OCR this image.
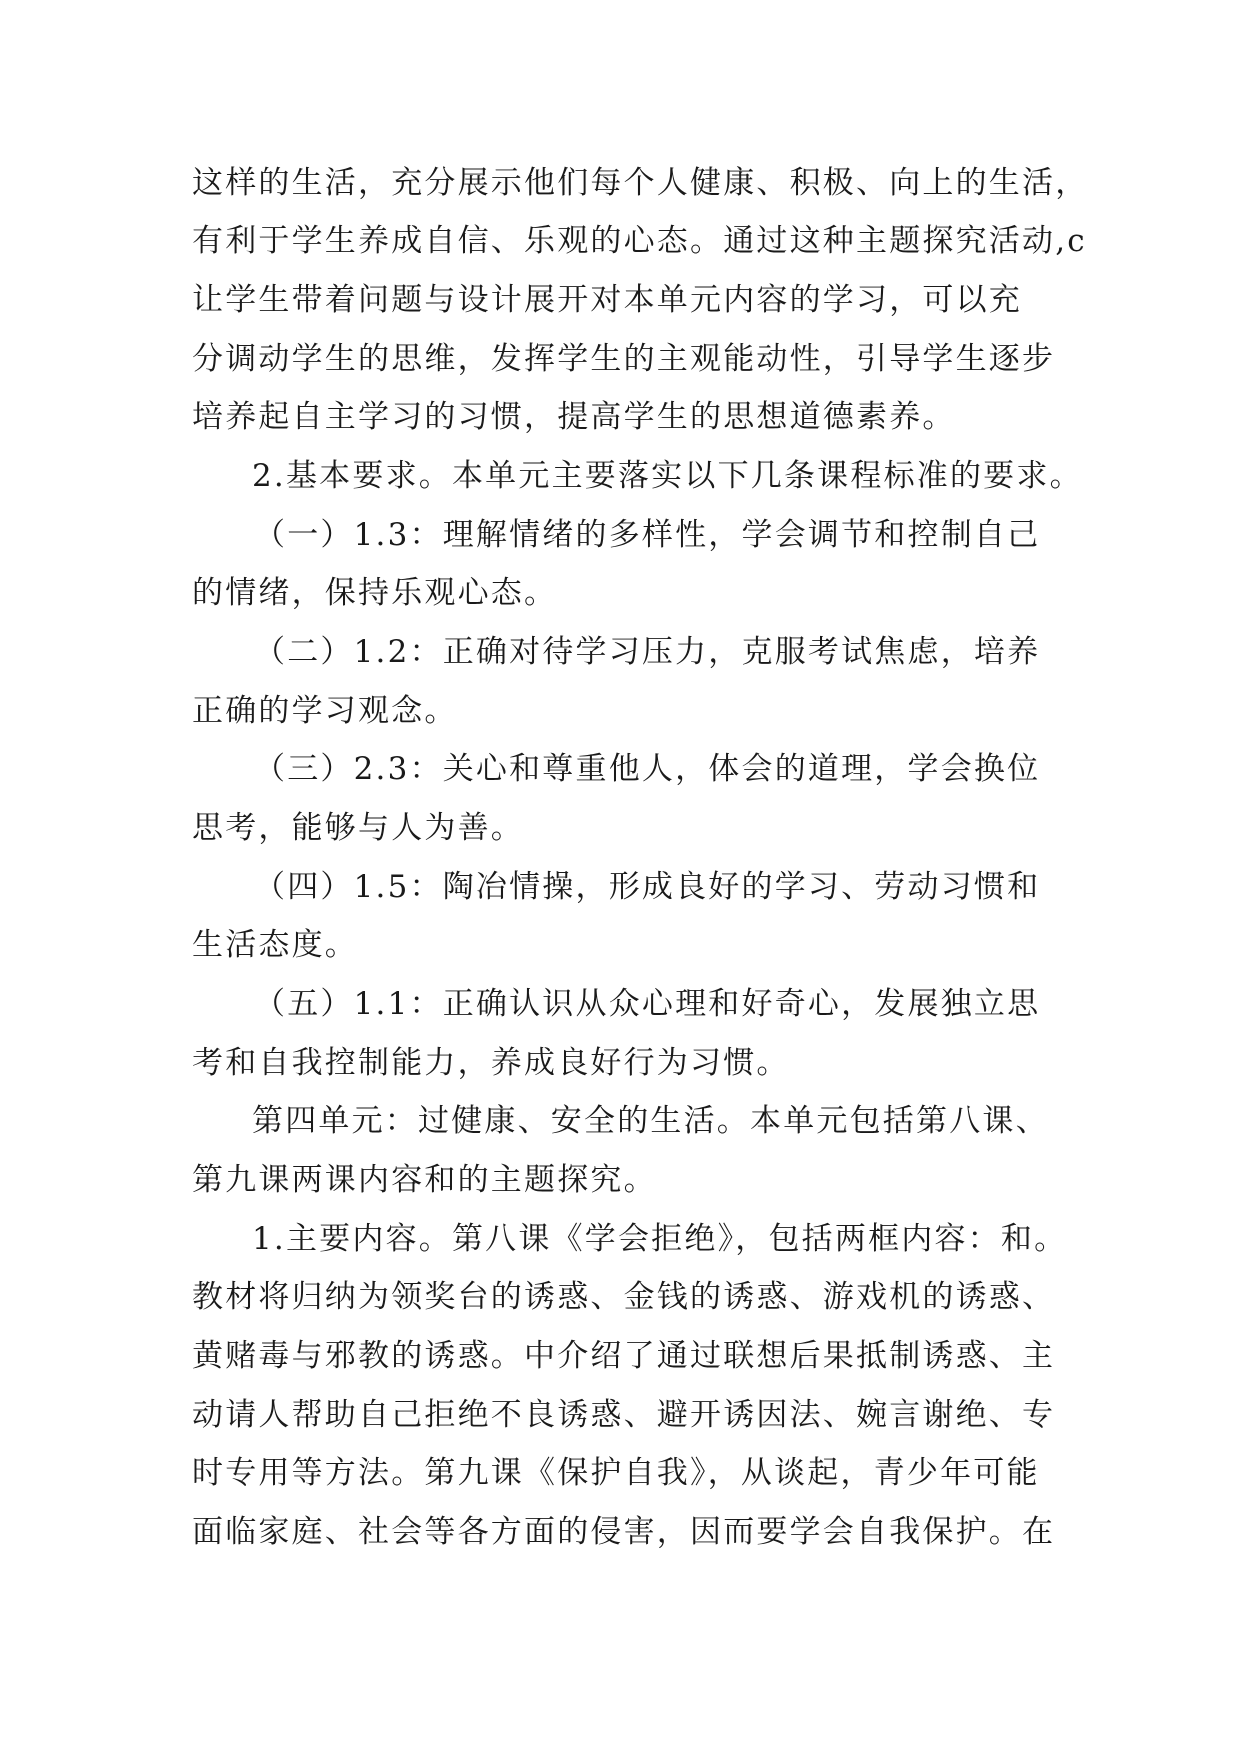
这样的生活，充分展示他们每个人健康、积极、向上的生活，
有利于学生养成自信、乐观的心态。通过这种主题探究活动,c
让学生带着问题与设计展开对本单元内容的学习，可以充
分调动学生的思维，发挥学生的主观能动性，引导学生逐步
培养起自主学习的习惯，提高学生的思想道德素养。
2.基本要求。本单元主要落实以下几条课程标准的要求。
（一）1.3：理解情绪的多样性，学会调节和控制自己
的情绪，保持乐观心态。
（二）1.2：正确对待学习压力，克服考试焦虑，培养
正确的学习观念。
（三）2.3：关心和尊重他人，体会的道理，学会换位
思考，能够与人为善。
（四）1.5：陶冶情操，形成良好的学习、劳动习惯和
生活态度。
（五）1.1：正确认识从众心理和好奇心，发展独立思
考和自我控制能力，养成良好行为习惯。
第四单元：过健康、安全的生活。本单元包括第八课、
第九课两课内容和的主题探究。
1.主要内容。第八课《学会拒绝》，包括两框内容：和。
教材将归纳为领奖台的诱惑、金钱的诱惑、游戏机的诱惑、
黄赌毒与邪教的诱惑。中介绍了通过联想后果抵制诱惑、主
动请人帮助自己拒绝不良诱惑、避开诱因法、婉言谢绝、专
时专用等方法。第九课《保护自我》，从谈起，青少年可能
面临家庭、社会等各方面的侵害，因而要学会自我保护。在
